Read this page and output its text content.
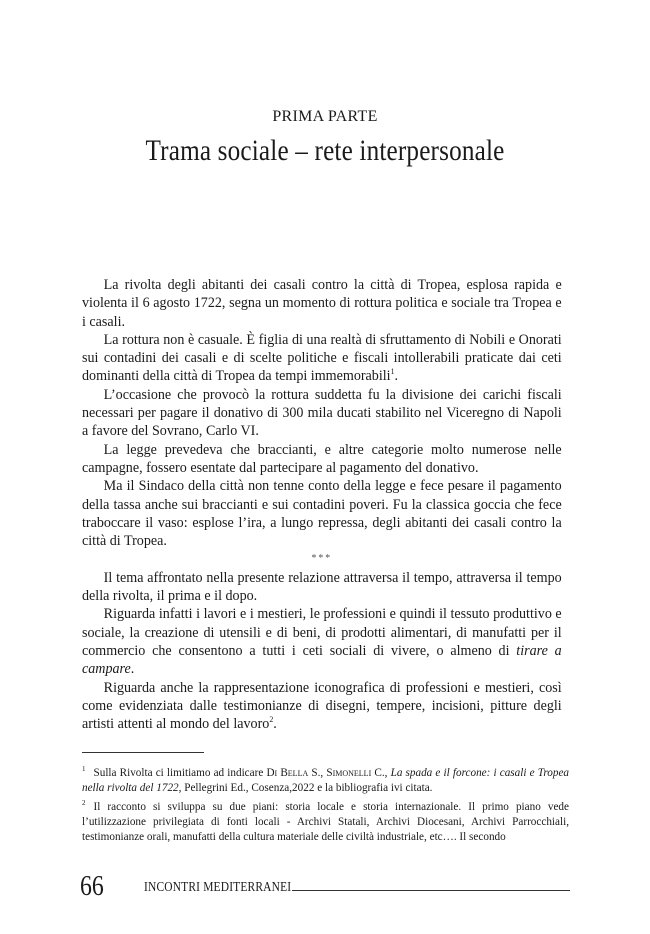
PRIMA PARTE
Trama sociale – rete interpersonale

La rivolta degli abitanti dei casali contro la città di Tropea, esplosa rapida e violenta il 6 agosto 1722, segna un momento di rottura politica e sociale tra Tropea e i casali.

La rottura non è casuale. È figlia di una realtà di sfruttamento di Nobili e Onorati sui contadini dei casali e di scelte politiche e fiscali intollerabili praticate dai ceti dominanti della città di Tropea da tempi immemorabili$^1$.

L’occasione che provocò la rottura suddetta fu la divisione dei carichi fiscali necessari per pagare il donativo di 300 mila ducati stabilito nel Viceregno di Napoli a favore del Sovrano, Carlo VI.

La legge prevedeva che braccianti, e altre categorie molto numerose nelle campagne, fossero esentate dal partecipare al pagamento del donativo.

Ma il Sindaco della città non tenne conto della legge e fece pesare il pagamento della tassa anche sui braccianti e sui contadini poveri. Fu la classica goccia che fece traboccare il vaso: esplose l’ira, a lungo repressa, degli abitanti dei casali contro la città di Tropea.

***

Il tema affrontato nella presente relazione attraversa il tempo, attraversa il tempo della rivolta, il prima e il dopo.

Riguarda infatti i lavori e i mestieri, le professioni e quindi il tessuto produttivo e sociale, la creazione di utensili e di beni, di prodotti alimentari, di manufatti per il commercio che consentono a tutti i ceti sociali di vivere, o almeno di tirare a campare.

Riguarda anche la rappresentazione iconografica di professioni e mestieri, così come evidenziata dalle testimonianze di disegni, tempere, incisioni, pitture degli artisti attenti al mondo del lavoro$^2$.

$^1$ Sulla Rivolta ci limitiamo ad indicare Di Bella S., Simonelli C., La spada e il forcone: i casali e Tropea nella rivolta del 1722, Pellegrini Ed., Cosenza,2022 e la bibliografia ivi citata.

$^2$ Il racconto si sviluppa su due piani: storia locale e storia internazionale. Il primo piano vede l’utilizzazione privilegiata di fonti locali - Archivi Statali, Archivi Diocesani, Archivi Parrocchiali, testimonianze orali, manufatti della cultura materiale delle civiltà industriale, etc…. Il secondo

66	INCONTRI MEDITERRANEI
